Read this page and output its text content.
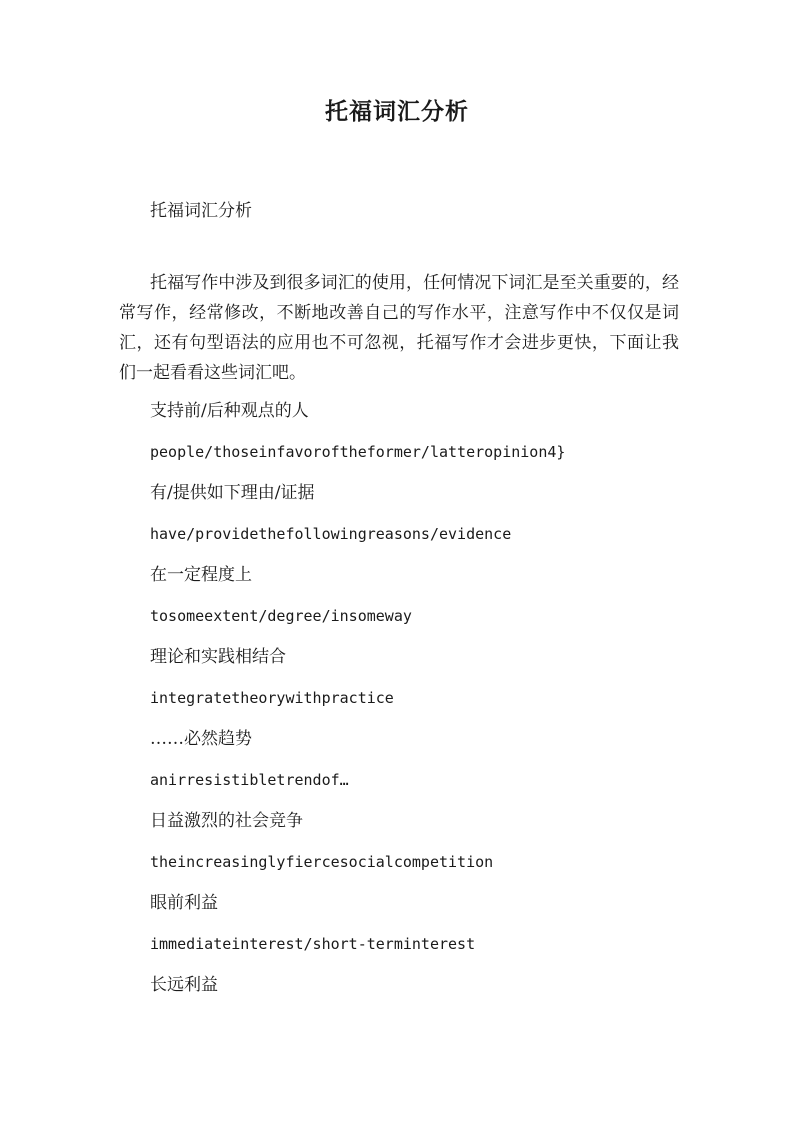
托福词汇分析
托福词汇分析

托福写作中涉及到很多词汇的使用，任何情况下词汇是至关重要的，经常写作，经常修改，不断地改善自己的写作水平，注意写作中不仅仅是词汇，还有句型语法的应用也不可忽视，托福写作才会进步更快，下面让我们一起看看这些词汇吧。

支持前/后种观点的人
people/thoseinfavoroftheformer/latteropinion4}
有/提供如下理由/证据
have/providethefollowingreasons/evidence
在一定程度上
tosomeextent/degree/insomeway
理论和实践相结合
integratetheorywithpractice
……必然趋势
anirresistibletrendof…
日益激烈的社会竞争
theincreasinglyfiercesocialcompetition
眼前利益
immediateinterest/short-terminterest
长远利益
